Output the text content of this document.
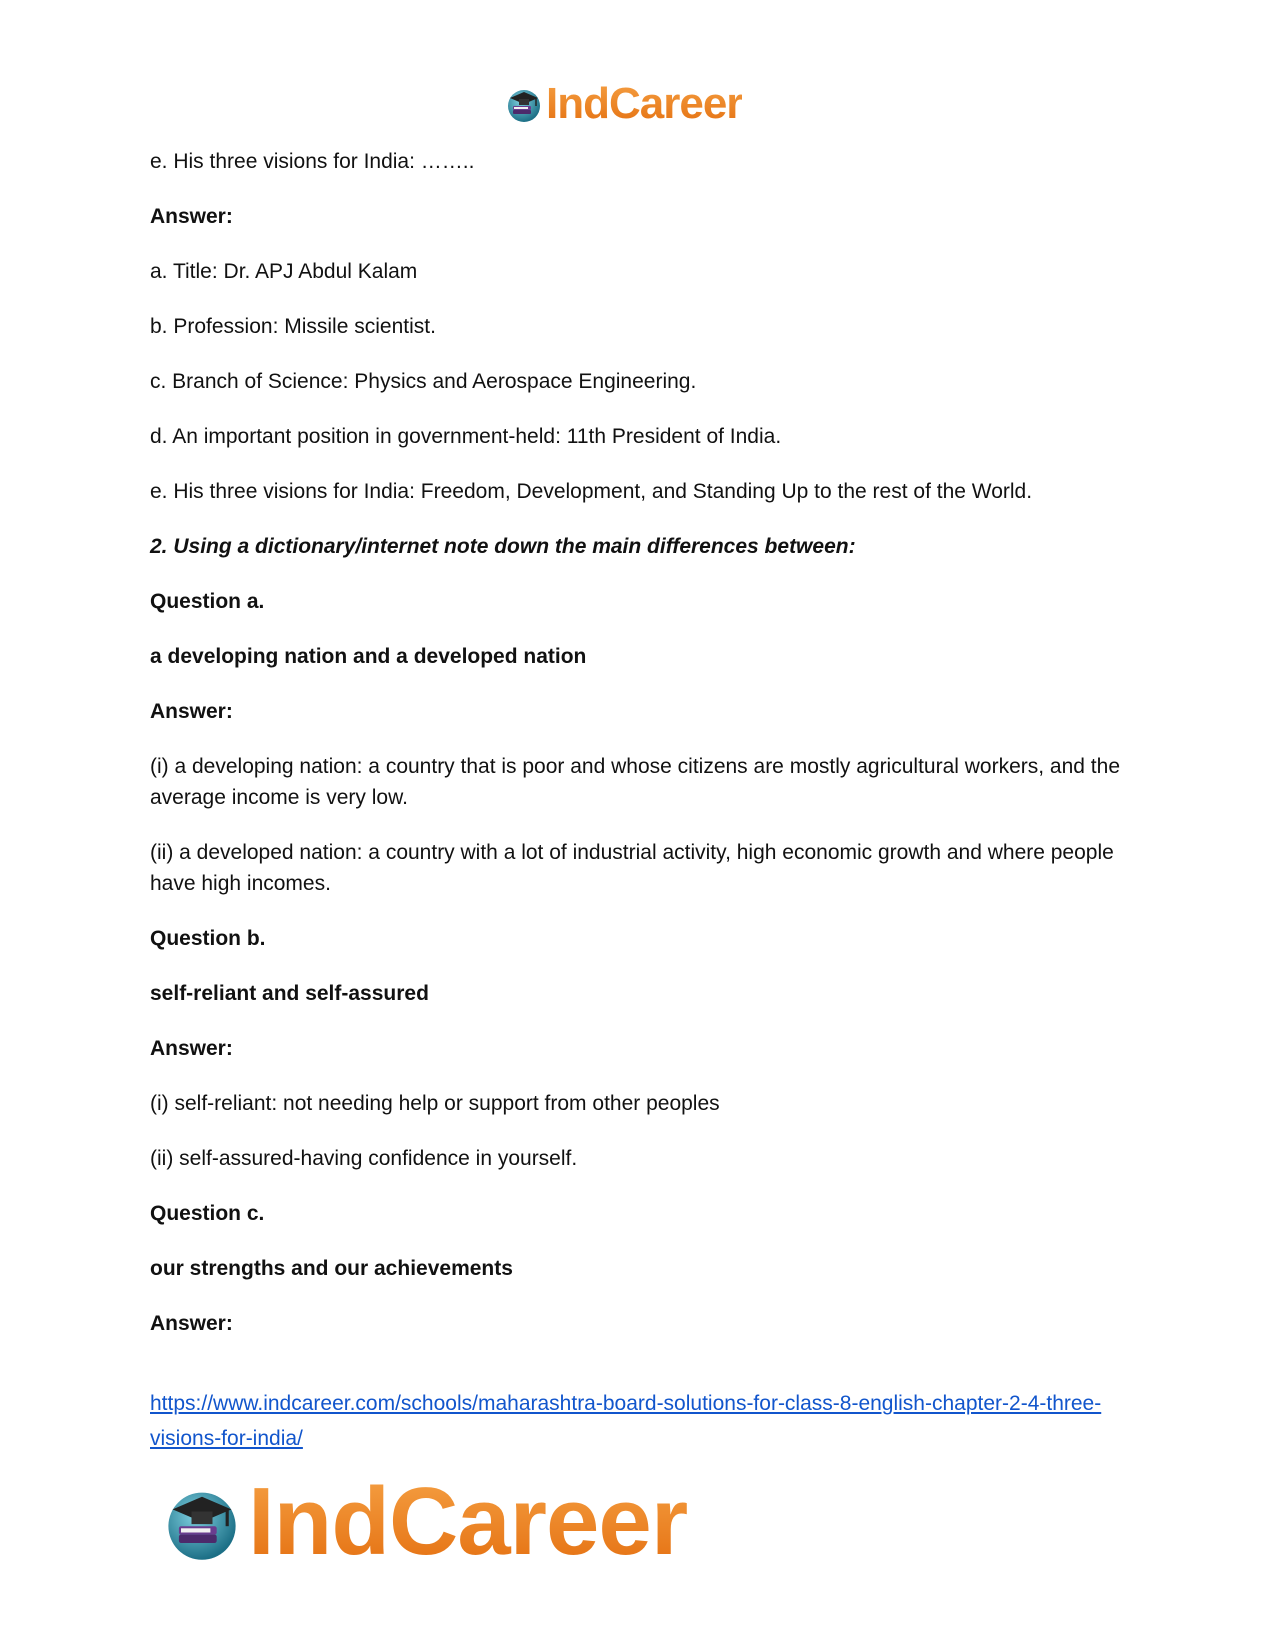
IndCareer

e. His three visions for India: ……..

Answer:

a. Title: Dr. APJ Abdul Kalam

b. Profession: Missile scientist.

c. Branch of Science: Physics and Aerospace Engineering.

d. An important position in government-held: 11th President of India.

e. His three visions for India: Freedom, Development, and Standing Up to the rest of the World.

2. Using a dictionary/internet note down the main differences between:

Question a.

a developing nation and a developed nation

Answer:

(i) a developing nation: a country that is poor and whose citizens are mostly agricultural workers, and the average income is very low.

(ii) a developed nation: a country with a lot of industrial activity, high economic growth and where people have high incomes.

Question b.

self-reliant and self-assured

Answer:

(i) self-reliant: not needing help or support from other peoples

(ii) self-assured-having confidence in yourself.

Question c.

our strengths and our achievements

Answer:

https://www.indcareer.com/schools/maharashtra-board-solutions-for-class-8-english-chapter-2-4-three-visions-for-india/
IndCareer
